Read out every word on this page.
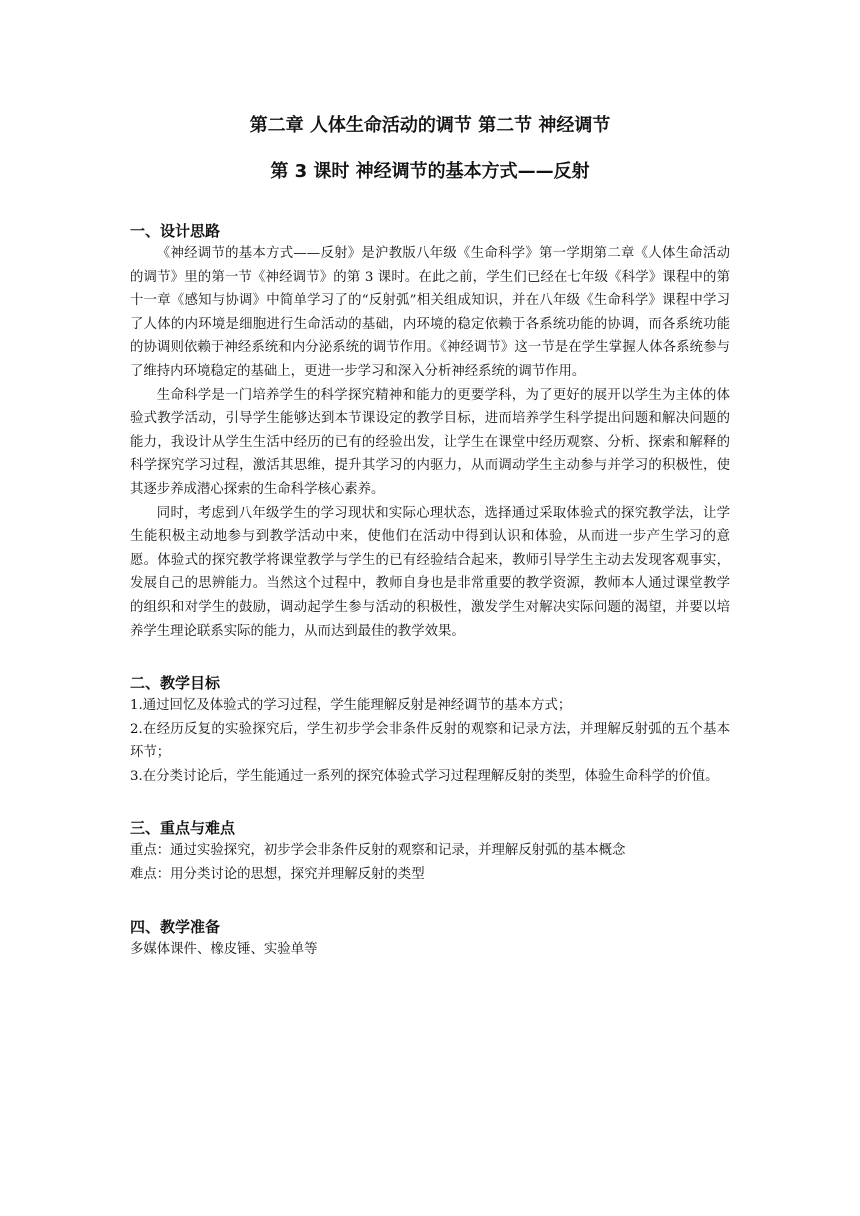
第二章 人体生命活动的调节 第二节 神经调节
第 3 课时 神经调节的基本方式——反射
一、设计思路

《神经调节的基本方式——反射》是沪教版八年级《生命科学》第一学期第二章《人体生命活动的调节》里的第一节《神经调节》的第 3 课时。在此之前，学生们已经在七年级《科学》课程中的第十一章《感知与协调》中简单学习了的“反射弧”相关组成知识，并在八年级《生命科学》课程中学习了人体的内环境是细胞进行生命活动的基础，内环境的稳定依赖于各系统功能的协调，而各系统功能的协调则依赖于神经系统和内分泌系统的调节作用。《神经调节》这一节是在学生掌握人体各系统参与了维持内环境稳定的基础上，更进一步学习和深入分析神经系统的调节作用。

生命科学是一门培养学生的科学探究精神和能力的更要学科，为了更好的展开以学生为主体的体验式教学活动，引导学生能够达到本节课设定的教学目标，进而培养学生科学提出问题和解决问题的能力，我设计从学生生活中经历的已有的经验出发，让学生在课堂中经历观察、分析、探索和解释的科学探究学习过程，激活其思维，提升其学习的内驱力，从而调动学生主动参与并学习的积极性，使其逐步养成潜心探索的生命科学核心素养。

同时，考虑到八年级学生的学习现状和实际心理状态，选择通过采取体验式的探究教学法，让学生能积极主动地参与到教学活动中来，使他们在活动中得到认识和体验，从而进一步产生学习的意愿。体验式的探究教学将课堂教学与学生的已有经验结合起来，教师引导学生主动去发现客观事实，发展自己的思辨能力。当然这个过程中，教师自身也是非常重要的教学资源，教师本人通过课堂教学的组织和对学生的鼓励，调动起学生参与活动的积极性，激发学生对解决实际问题的渴望，并要以培养学生理论联系实际的能力，从而达到最佳的教学效果。

二、教学目标

1.通过回忆及体验式的学习过程，学生能理解反射是神经调节的基本方式；

2.在经历反复的实验探究后，学生初步学会非条件反射的观察和记录方法，并理解反射弧的五个基本环节；

3.在分类讨论后，学生能通过一系列的探究体验式学习过程理解反射的类型，体验生命科学的价值。

三、重点与难点

重点：通过实验探究，初步学会非条件反射的观察和记录，并理解反射弧的基本概念

难点：用分类讨论的思想，探究并理解反射的类型

四、教学准备

多媒体课件、橡皮锤、实验单等
